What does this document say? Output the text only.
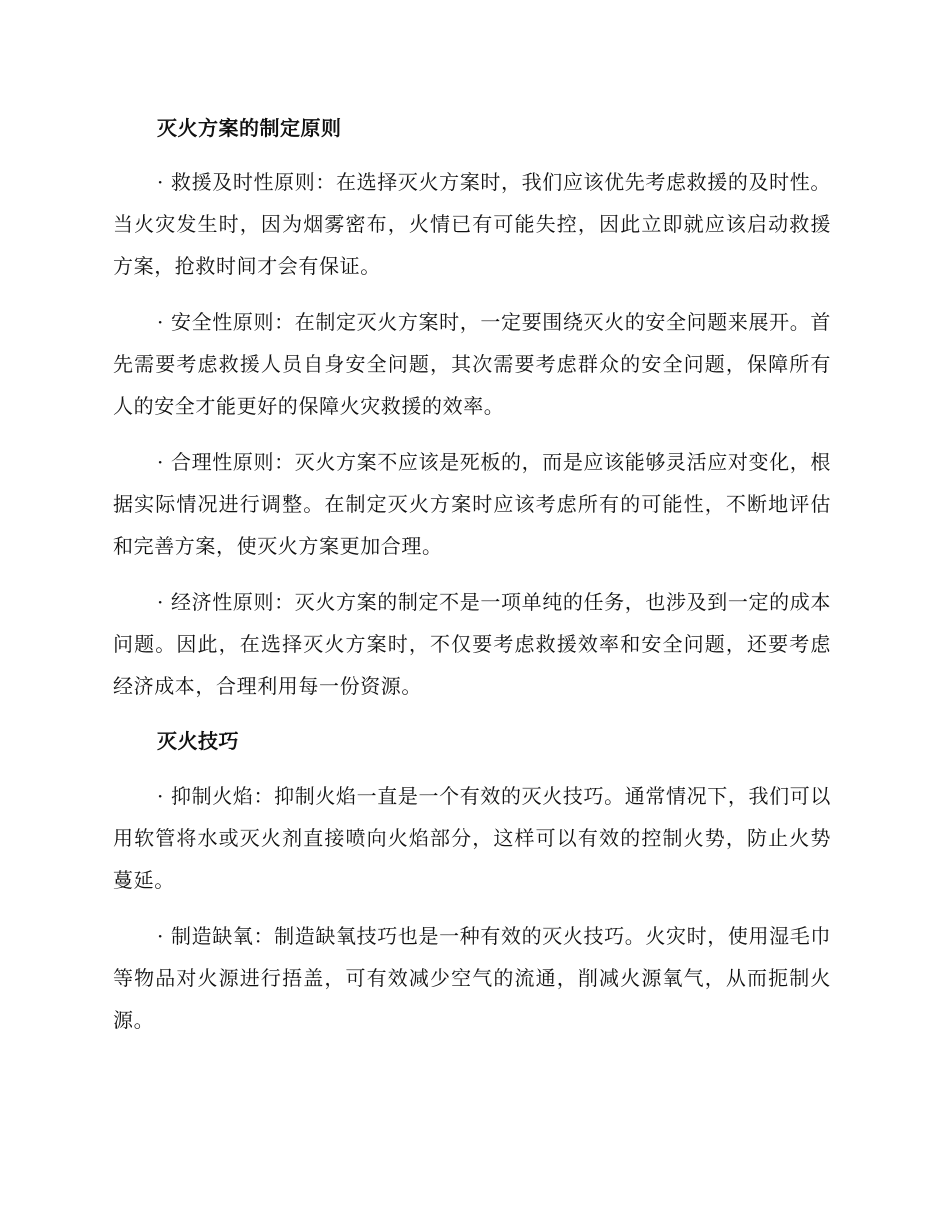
灭火方案的制定原则

· 救援及时性原则：在选择灭火方案时，我们应该优先考虑救援的及时性。当火灾发生时，因为烟雾密布，火情已有可能失控，因此立即就应该启动救援方案，抢救时间才会有保证。

· 安全性原则：在制定灭火方案时，一定要围绕灭火的安全问题来展开。首先需要考虑救援人员自身安全问题，其次需要考虑群众的安全问题，保障所有人的安全才能更好的保障火灾救援的效率。

· 合理性原则：灭火方案不应该是死板的，而是应该能够灵活应对变化，根据实际情况进行调整。在制定灭火方案时应该考虑所有的可能性，不断地评估和完善方案，使灭火方案更加合理。

· 经济性原则：灭火方案的制定不是一项单纯的任务，也涉及到一定的成本问题。因此，在选择灭火方案时，不仅要考虑救援效率和安全问题，还要考虑经济成本，合理利用每一份资源。

灭火技巧

· 抑制火焰：抑制火焰一直是一个有效的灭火技巧。通常情况下，我们可以用软管将水或灭火剂直接喷向火焰部分，这样可以有效的控制火势，防止火势蔓延。

· 制造缺氧：制造缺氧技巧也是一种有效的灭火技巧。火灾时，使用湿毛巾等物品对火源进行捂盖，可有效减少空气的流通，削减火源氧气，从而扼制火源。
